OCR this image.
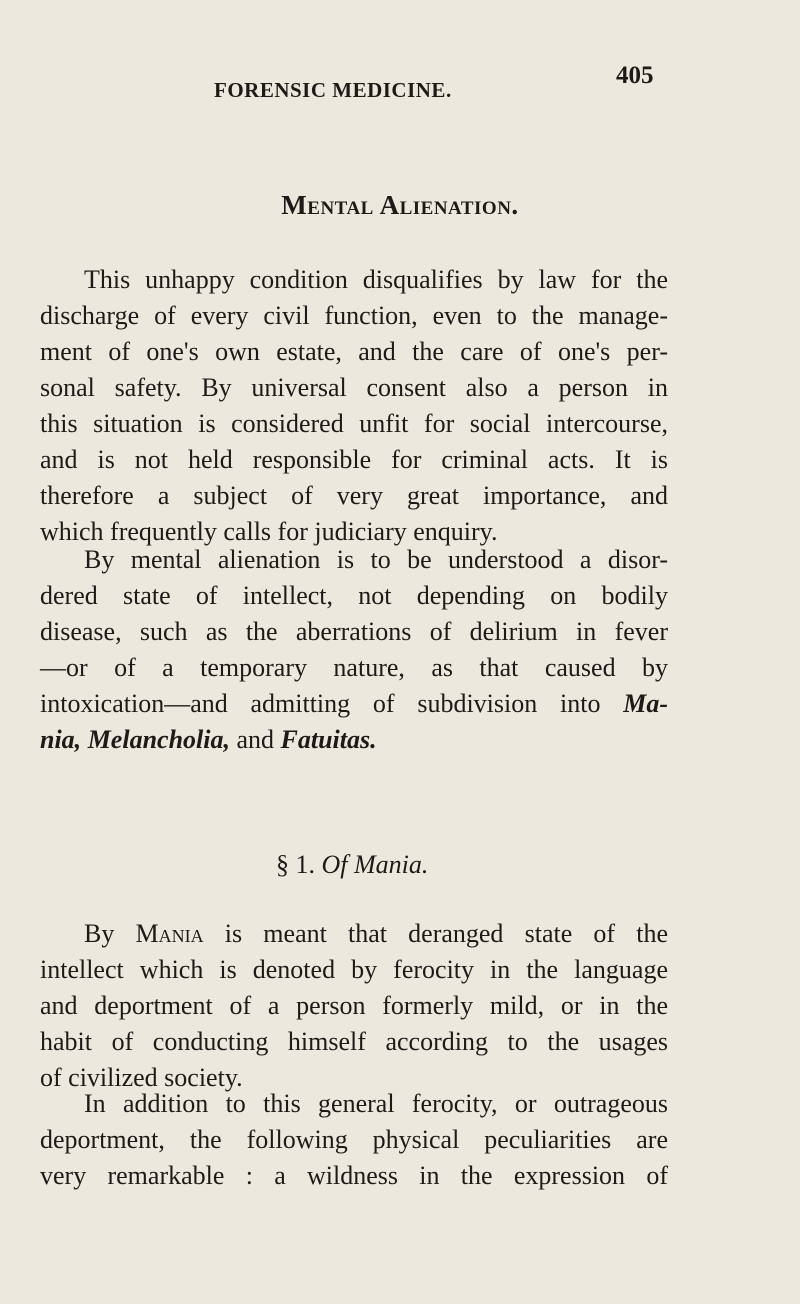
FORENSIC MEDICINE.
405
Mental Alienation.
This unhappy condition disqualifies by law for the
discharge of every civil function, even to the manage-
ment of one's own estate, and the care of one's per-
sonal safety. By universal consent also a person in
this situation is considered unfit for social intercourse,
and is not held responsible for criminal acts. It is
therefore a subject of very great importance, and
which frequently calls for judiciary enquiry.
By mental alienation is to be understood a disor-
dered state of intellect, not depending on bodily
disease, such as the aberrations of delirium in fever
—or of a temporary nature, as that caused by
intoxication—and admitting of subdivision into Ma-
nia, Melancholia, and Fatuitas.
§ 1. Of Mania.
By Mania is meant that deranged state of the
intellect which is denoted by ferocity in the language
and deportment of a person formerly mild, or in the
habit of conducting himself according to the usages
of civilized society.
In addition to this general ferocity, or outrageous
deportment, the following physical peculiarities are
very remarkable : a wildness in the expression of
